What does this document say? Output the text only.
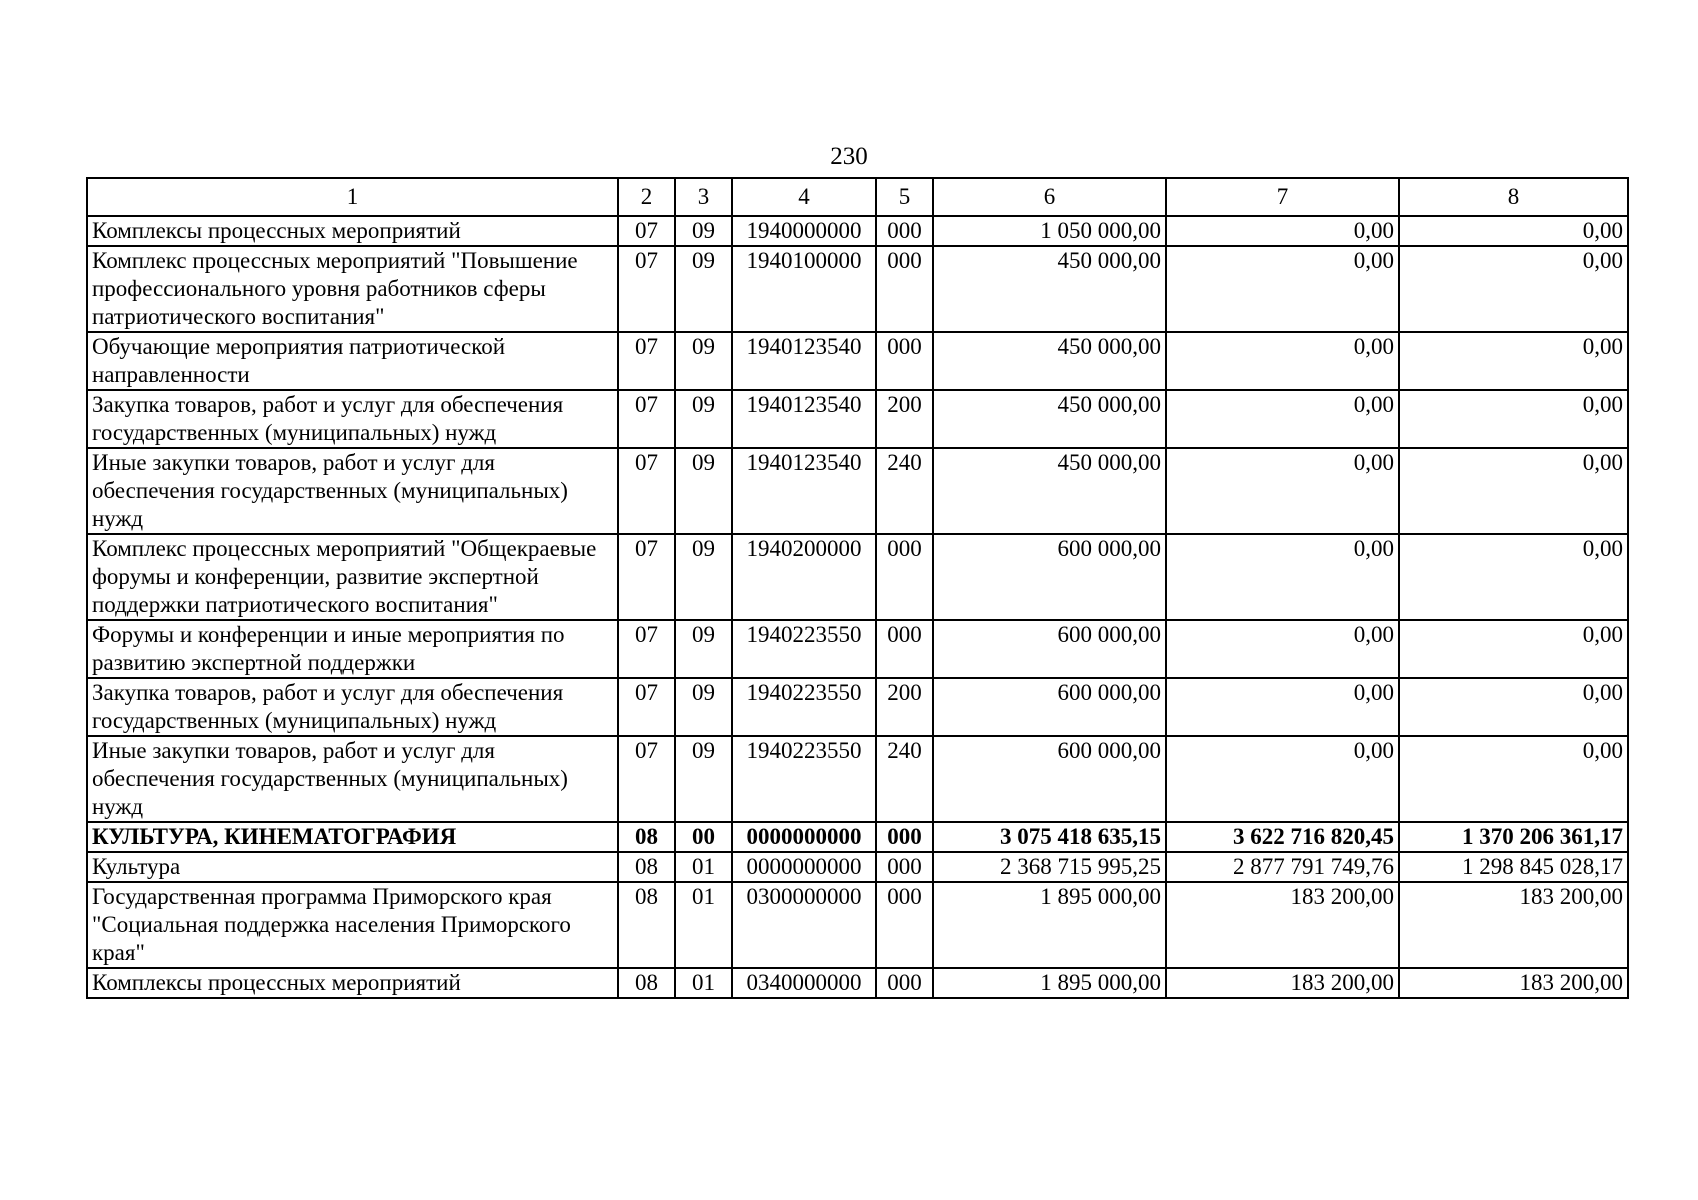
230
1	2	3	4	5	6	7	8
Комплексы процессных мероприятий	07	09	1940000000	000	1 050 000,00	0,00	0,00
Комплекс процессных мероприятий "Повышение профессионального уровня работников сферы патриотического воспитания"	07	09	1940100000	000	450 000,00	0,00	0,00
Обучающие мероприятия патриотической направленности	07	09	1940123540	000	450 000,00	0,00	0,00
Закупка товаров, работ и услуг для обеспечения государственных (муниципальных) нужд	07	09	1940123540	200	450 000,00	0,00	0,00
Иные закупки товаров, работ и услуг для обеспечения государственных (муниципальных) нужд	07	09	1940123540	240	450 000,00	0,00	0,00
Комплекс процессных мероприятий "Общекраевые форумы и конференции, развитие экспертной поддержки патриотического воспитания"	07	09	1940200000	000	600 000,00	0,00	0,00
Форумы и конференции и иные мероприятия по развитию экспертной поддержки	07	09	1940223550	000	600 000,00	0,00	0,00
Закупка товаров, работ и услуг для обеспечения государственных (муниципальных) нужд	07	09	1940223550	200	600 000,00	0,00	0,00
Иные закупки товаров, работ и услуг для обеспечения государственных (муниципальных) нужд	07	09	1940223550	240	600 000,00	0,00	0,00
КУЛЬТУРА, КИНЕМАТОГРАФИЯ	08	00	0000000000	000	3 075 418 635,15	3 622 716 820,45	1 370 206 361,17
Культура	08	01	0000000000	000	2 368 715 995,25	2 877 791 749,76	1 298 845 028,17
Государственная программа Приморского края "Социальная поддержка населения Приморского края"	08	01	0300000000	000	1 895 000,00	183 200,00	183 200,00
Комплексы процессных мероприятий	08	01	0340000000	000	1 895 000,00	183 200,00	183 200,00
